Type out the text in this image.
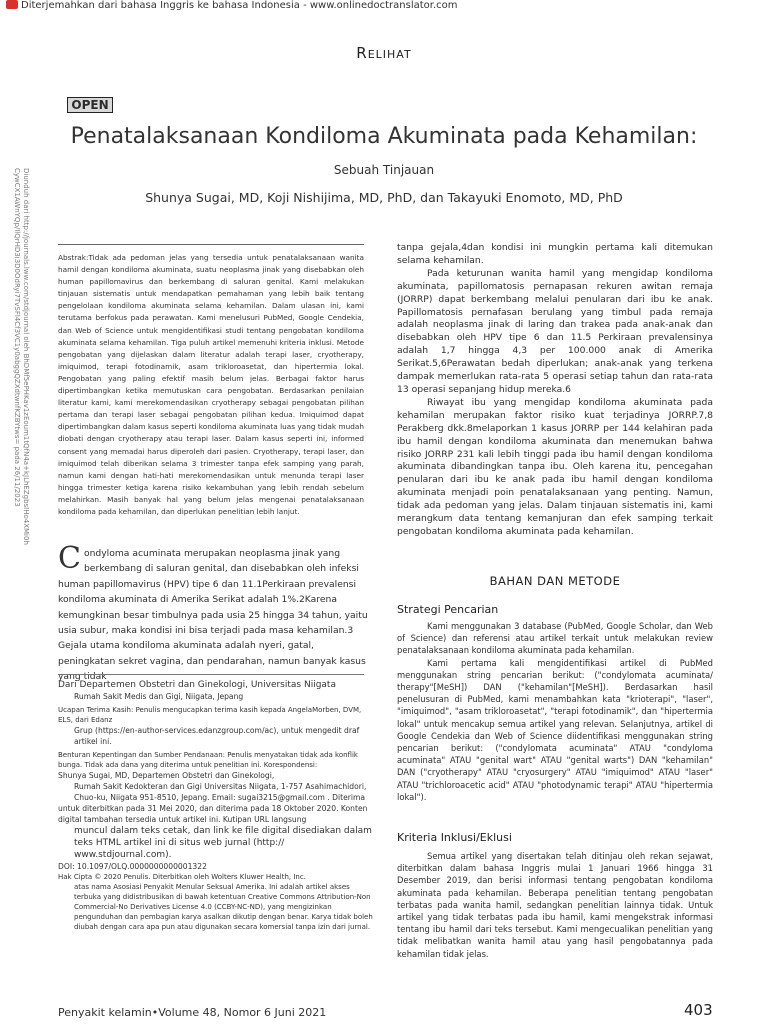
Diterjemahkan dari bahasa Inggris ke bahasa Indonesia - www.onlinedoctranslator.com
Relihat
OPEN
Penatalaksanaan Kondiloma Akuminata pada Kehamilan:
Sebuah Tinjauan
Shunya Sugai, MD, Koji Nishijima, MD, PhD, dan Takayuki Enomoto, MD, PhD
Diunduh dari http://journals.lww.com/stdjournal oleh BhDMf5ePHKav1zEoum1tQfN4a+kJLhEZgbsIHo4XMi0hCywCX1AWnYQp/IlQrHD3i3D0OdRyi7TvSFl4Cf3VC1y0abggQZXdtwnfKZBYtws= pada 26/11/2023	Abstrak:Tidak ada pedoman jelas yang tersedia untuk penatalaksanaan wanita hamil dengan kondiloma akuminata, suatu neoplasma jinak yang disebabkan oleh human papillomavirus dan berkembang di saluran genital. Kami melakukan tinjauan sistematis untuk mendapatkan pemahaman yang lebih baik tentang pengelolaan kondiloma akuminata selama kehamilan. Dalam ulasan ini, kami terutama berfokus pada perawatan. Kami menelusuri PubMed, Google Cendekia, dan Web of Science untuk mengidentifikasi studi tentang pengobatan kondiloma akuminata selama kehamilan. Tiga puluh artikel memenuhi kriteria inklusi. Metode pengobatan yang dijelaskan dalam literatur adalah terapi laser, cryotherapy, imiquimod, terapi fotodinamik, asam trikloroasetat, dan hipertermia lokal. Pengobatan yang paling efektif masih belum jelas. Berbagai faktor harus dipertimbangkan ketika memutuskan cara pengobatan. Berdasarkan penilaian literatur kami, kami merekomendasikan cryotherapy sebagai pengobatan pilihan pertama dan terapi laser sebagai pengobatan pilihan kedua. Imiquimod dapat dipertimbangkan dalam kasus seperti kondiloma akuminata luas yang tidak mudah diobati dengan cryotherapy atau terapi laser. Dalam kasus seperti ini, informed consent yang memadai harus diperoleh dari pasien. Cryotherapy, terapi laser, dan imiquimod telah diberikan selama 3 trimester tanpa efek samping yang parah, namun kami dengan hati-hati merekomendasikan untuk menunda terapi laser hingga trimester ketiga karena risiko kekambuhan yang lebih rendah sebelum melahirkan. Masih banyak hal yang belum jelas mengenai penatalaksanaan kondiloma pada kehamilan, dan diperlukan penelitian lebih lanjut.
Condyloma acuminata merupakan neoplasma jinak yang berkembang di saluran genital, dan disebabkan oleh infeksi human papillomavirus (HPV) tipe 6 dan 11.1Perkiraan prevalensi kondiloma akuminata di Amerika Serikat adalah 1%.2Karena kemungkinan besar timbulnya pada usia 25 hingga 34 tahun, yaitu usia subur, maka kondisi ini bisa terjadi pada masa kehamilan.3 Gejala utama kondiloma akuminata adalah nyeri, gatal, peningkatan sekret vagina, dan pendarahan, namun banyak kasus yang tidak

Dari Departemen Obstetri dan Ginekologi, Universitas Niigata

Rumah Sakit Medis dan Gigi, Niigata, Jepang

Ucapan Terima Kasih: Penulis mengucapkan terima kasih kepada AngelaMorben, DVM, ELS, dari Edanz

Grup (https://en-author-services.edanzgroup.com/ac), untuk mengedit draf artikel ini.

Benturan Kepentingan dan Sumber Pendanaan: Penulis menyatakan tidak ada konflik bunga. Tidak ada dana yang diterima untuk penelitian ini. Korespondensi:

Shunya Sugai, MD, Departemen Obstetri dan Ginekologi,

Rumah Sakit Kedokteran dan Gigi Universitas Niigata, 1-757 Asahimachidori, Chuo-ku, Niigata 951-8510, Jepang. Email: sugai3215@gmail.com . Diterima

untuk diterbitkan pada 31 Mei 2020, dan diterima pada 18 Oktober 2020. Konten digital tambahan tersedia untuk artikel ini. Kutipan URL langsung

muncul dalam teks cetak, dan link ke file digital disediakan dalam teks HTML artikel ini di situs web jurnal (http:// www.stdjournal.com).

DOI: 10.1097/OLQ.0000000000001322

Hak Cipta © 2020 Penulis. Diterbitkan oleh Wolters Kluwer Health, Inc.

atas nama Asosiasi Penyakit Menular Seksual Amerika. Ini adalah artikel akses terbuka yang didistribusikan di bawah ketentuan Creative Commons Attribution-Non Commercial-No Derivatives License 4.0 (CCBY-NC-ND), yang mengizinkan pengunduhan dan pembagian karya asalkan dikutip dengan benar. Karya tidak boleh diubah dengan cara apa pun atau digunakan secara komersial tanpa izin dari jurnal.

tanpa gejala,4dan kondisi ini mungkin pertama kali ditemukan selama kehamilan.

Pada keturunan wanita hamil yang mengidap kondiloma akuminata, papillomatosis pernapasan rekuren awitan remaja (JORRP) dapat berkembang melalui penularan dari ibu ke anak. Papillomatosis pernafasan berulang yang timbul pada remaja adalah neoplasma jinak di laring dan trakea pada anak-anak dan disebabkan oleh HPV tipe 6 dan 11.5 Perkiraan prevalensinya adalah 1,7 hingga 4,3 per 100.000 anak di Amerika Serikat.5,6Perawatan bedah diperlukan; anak-anak yang terkena dampak memerlukan rata-rata 5 operasi setiap tahun dan rata-rata 13 operasi sepanjang hidup mereka.6

Riwayat ibu yang mengidap kondiloma akuminata pada kehamilan merupakan faktor risiko kuat terjadinya JORRP.7,8 Perakberg dkk.8melaporkan 1 kasus JORRP per 144 kelahiran pada ibu hamil dengan kondiloma akuminata dan menemukan bahwa risiko JORRP 231 kali lebih tinggi pada ibu hamil dengan kondiloma akuminata dibandingkan tanpa ibu. Oleh karena itu, pencegahan penularan dari ibu ke anak pada ibu hamil dengan kondiloma akuminata menjadi poin penatalaksanaan yang penting. Namun, tidak ada pedoman yang jelas. Dalam tinjauan sistematis ini, kami merangkum data tentang kemanjuran dan efek samping terkait pengobatan kondiloma akuminata pada kehamilan.

BAHAN DAN METODE
Strategi Pencarian

Kami menggunakan 3 database (PubMed, Google Scholar, dan Web of Science) dan referensi atau artikel terkait untuk melakukan review penatalaksanaan kondiloma akuminata pada kehamilan.

Kami pertama kali mengidentifikasi artikel di PubMed menggunakan string pencarian berikut: ("condylomata acuminata/ therapy"[MeSH]) DAN ("kehamilan"[MeSH]). Berdasarkan hasil penelusuran di PubMed, kami menambahkan kata "krioterapi", "laser", "imiquimod", "asam trikloroasetat", "terapi fotodinamik", dan "hipertermia lokal" untuk mencakup semua artikel yang relevan. Selanjutnya, artikel di Google Cendekia dan Web of Science diidentifikasi menggunakan string pencarian berikut: ("condylomata acuminata" ATAU "condyloma acuminata" ATAU "genital wart" ATAU "genital warts") DAN "kehamilan" DAN ("cryotherapy" ATAU "cryosurgery" ATAU "imiquimod" ATAU "laser" ATAU "trichloroacetic acid" ATAU "photodynamic terapi" ATAU "hipertermia lokal").

Kriteria Inklusi/Eklusi

Semua artikel yang disertakan telah ditinjau oleh rekan sejawat, diterbitkan dalam bahasa Inggris mulai 1 Januari 1966 hingga 31 Desember 2019, dan berisi informasi tentang pengobatan kondiloma akuminata pada kehamilan. Beberapa penelitian tentang pengobatan terbatas pada wanita hamil, sedangkan penelitian lainnya tidak. Untuk artikel yang tidak terbatas pada ibu hamil, kami mengekstrak informasi tentang ibu hamil dari teks tersebut. Kami mengecualikan penelitian yang tidak melibatkan wanita hamil atau yang hasil pengobatannya pada kehamilan tidak jelas.

Penyakit kelamin•Volume 48, Nomor 6 Juni 2021	403
